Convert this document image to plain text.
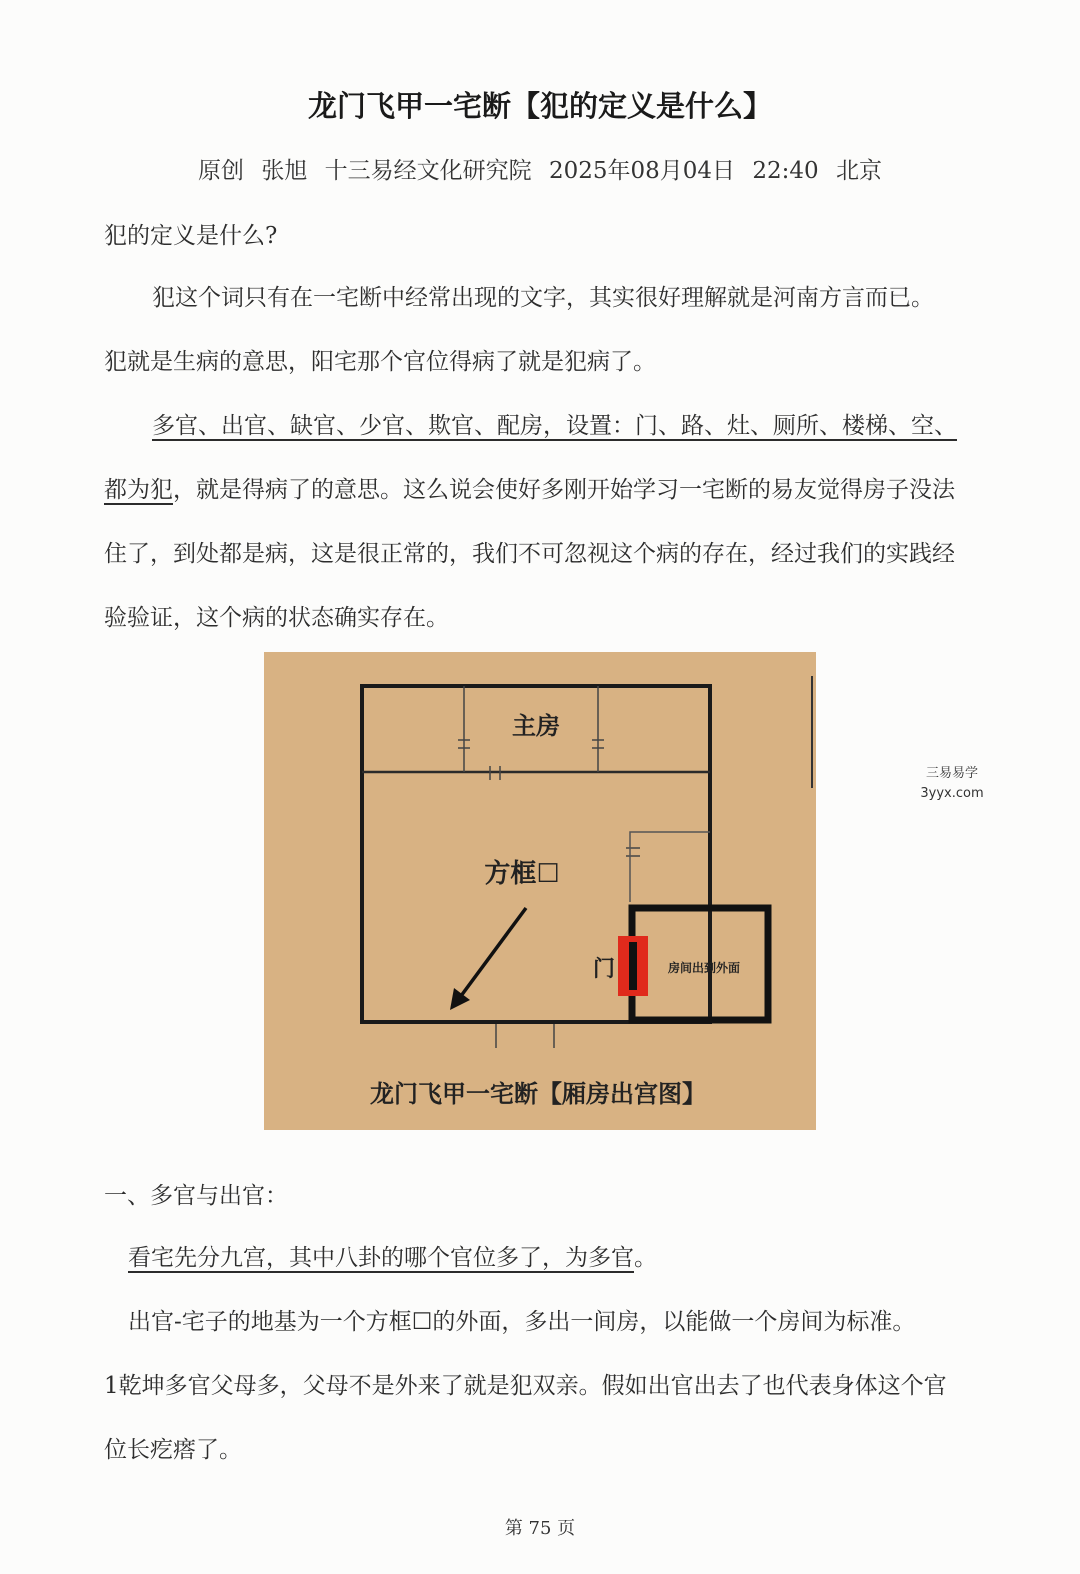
龙门飞甲一宅断【犯的定义是什么】
原创 张旭 十三易经文化研究院 2025年08月04日 22:40 北京

犯的定义是什么?

犯这个词只有在一宅断中经常出现的文字，其实很好理解就是河南方言而已。

犯就是生病的意思，阳宅那个官位得病了就是犯病了。

多官、出官、缺官、少官、欺官、配房，设置：门、路、灶、厕所、楼梯、空、都为犯，就是得病了的意思。这么说会使好多刚开始学习一宅断的易友觉得房子没法住了，到处都是病，这是很正常的，我们不可忽视这个病的存在，经过我们的实践经验验证，这个病的状态确实存在。

主房
方框☐
门	房间出到外面
龙门飞甲一宅断【厢房出宫图】
三易易学
3yyx.com

一、多官与出官：

看宅先分九宫，其中八卦的哪个官位多了，为多官。

出官-宅子的地基为一个方框☐的外面，多出一间房，以能做一个房间为标准。

1乾坤多官父母多，父母不是外来了就是犯双亲。假如出官出去了也代表身体这个官位长疙瘩了。

第 75 页
